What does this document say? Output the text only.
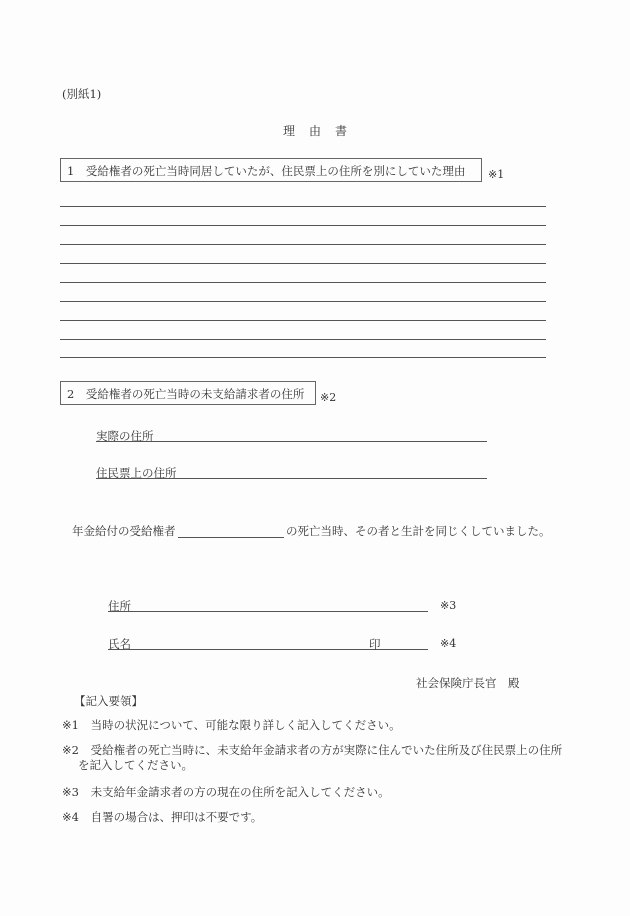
(別紙1)
理 由 書
1　受給権者の死亡当時同居していたが、住民票上の住所を別にしていた理由	※1
2　受給権者の死亡当時の未支給請求者の住所	※2
実際の住所
住民票上の住所
年金給付の受給権者	の死亡当時、その者と生計を同じくしていました。
住所	※3
氏名	印	※4
社会保険庁長官　殿
【記入要領】
※1 当時の状況について、可能な限り詳しく記入してください。
※2 受給権者の死亡当時に、未支給年金請求者の方が実際に住んでいた住所及び住民票上の住所
を記入してください。
※3 未支給年金請求者の方の現在の住所を記入してください。
※4 自署の場合は、押印は不要です。
